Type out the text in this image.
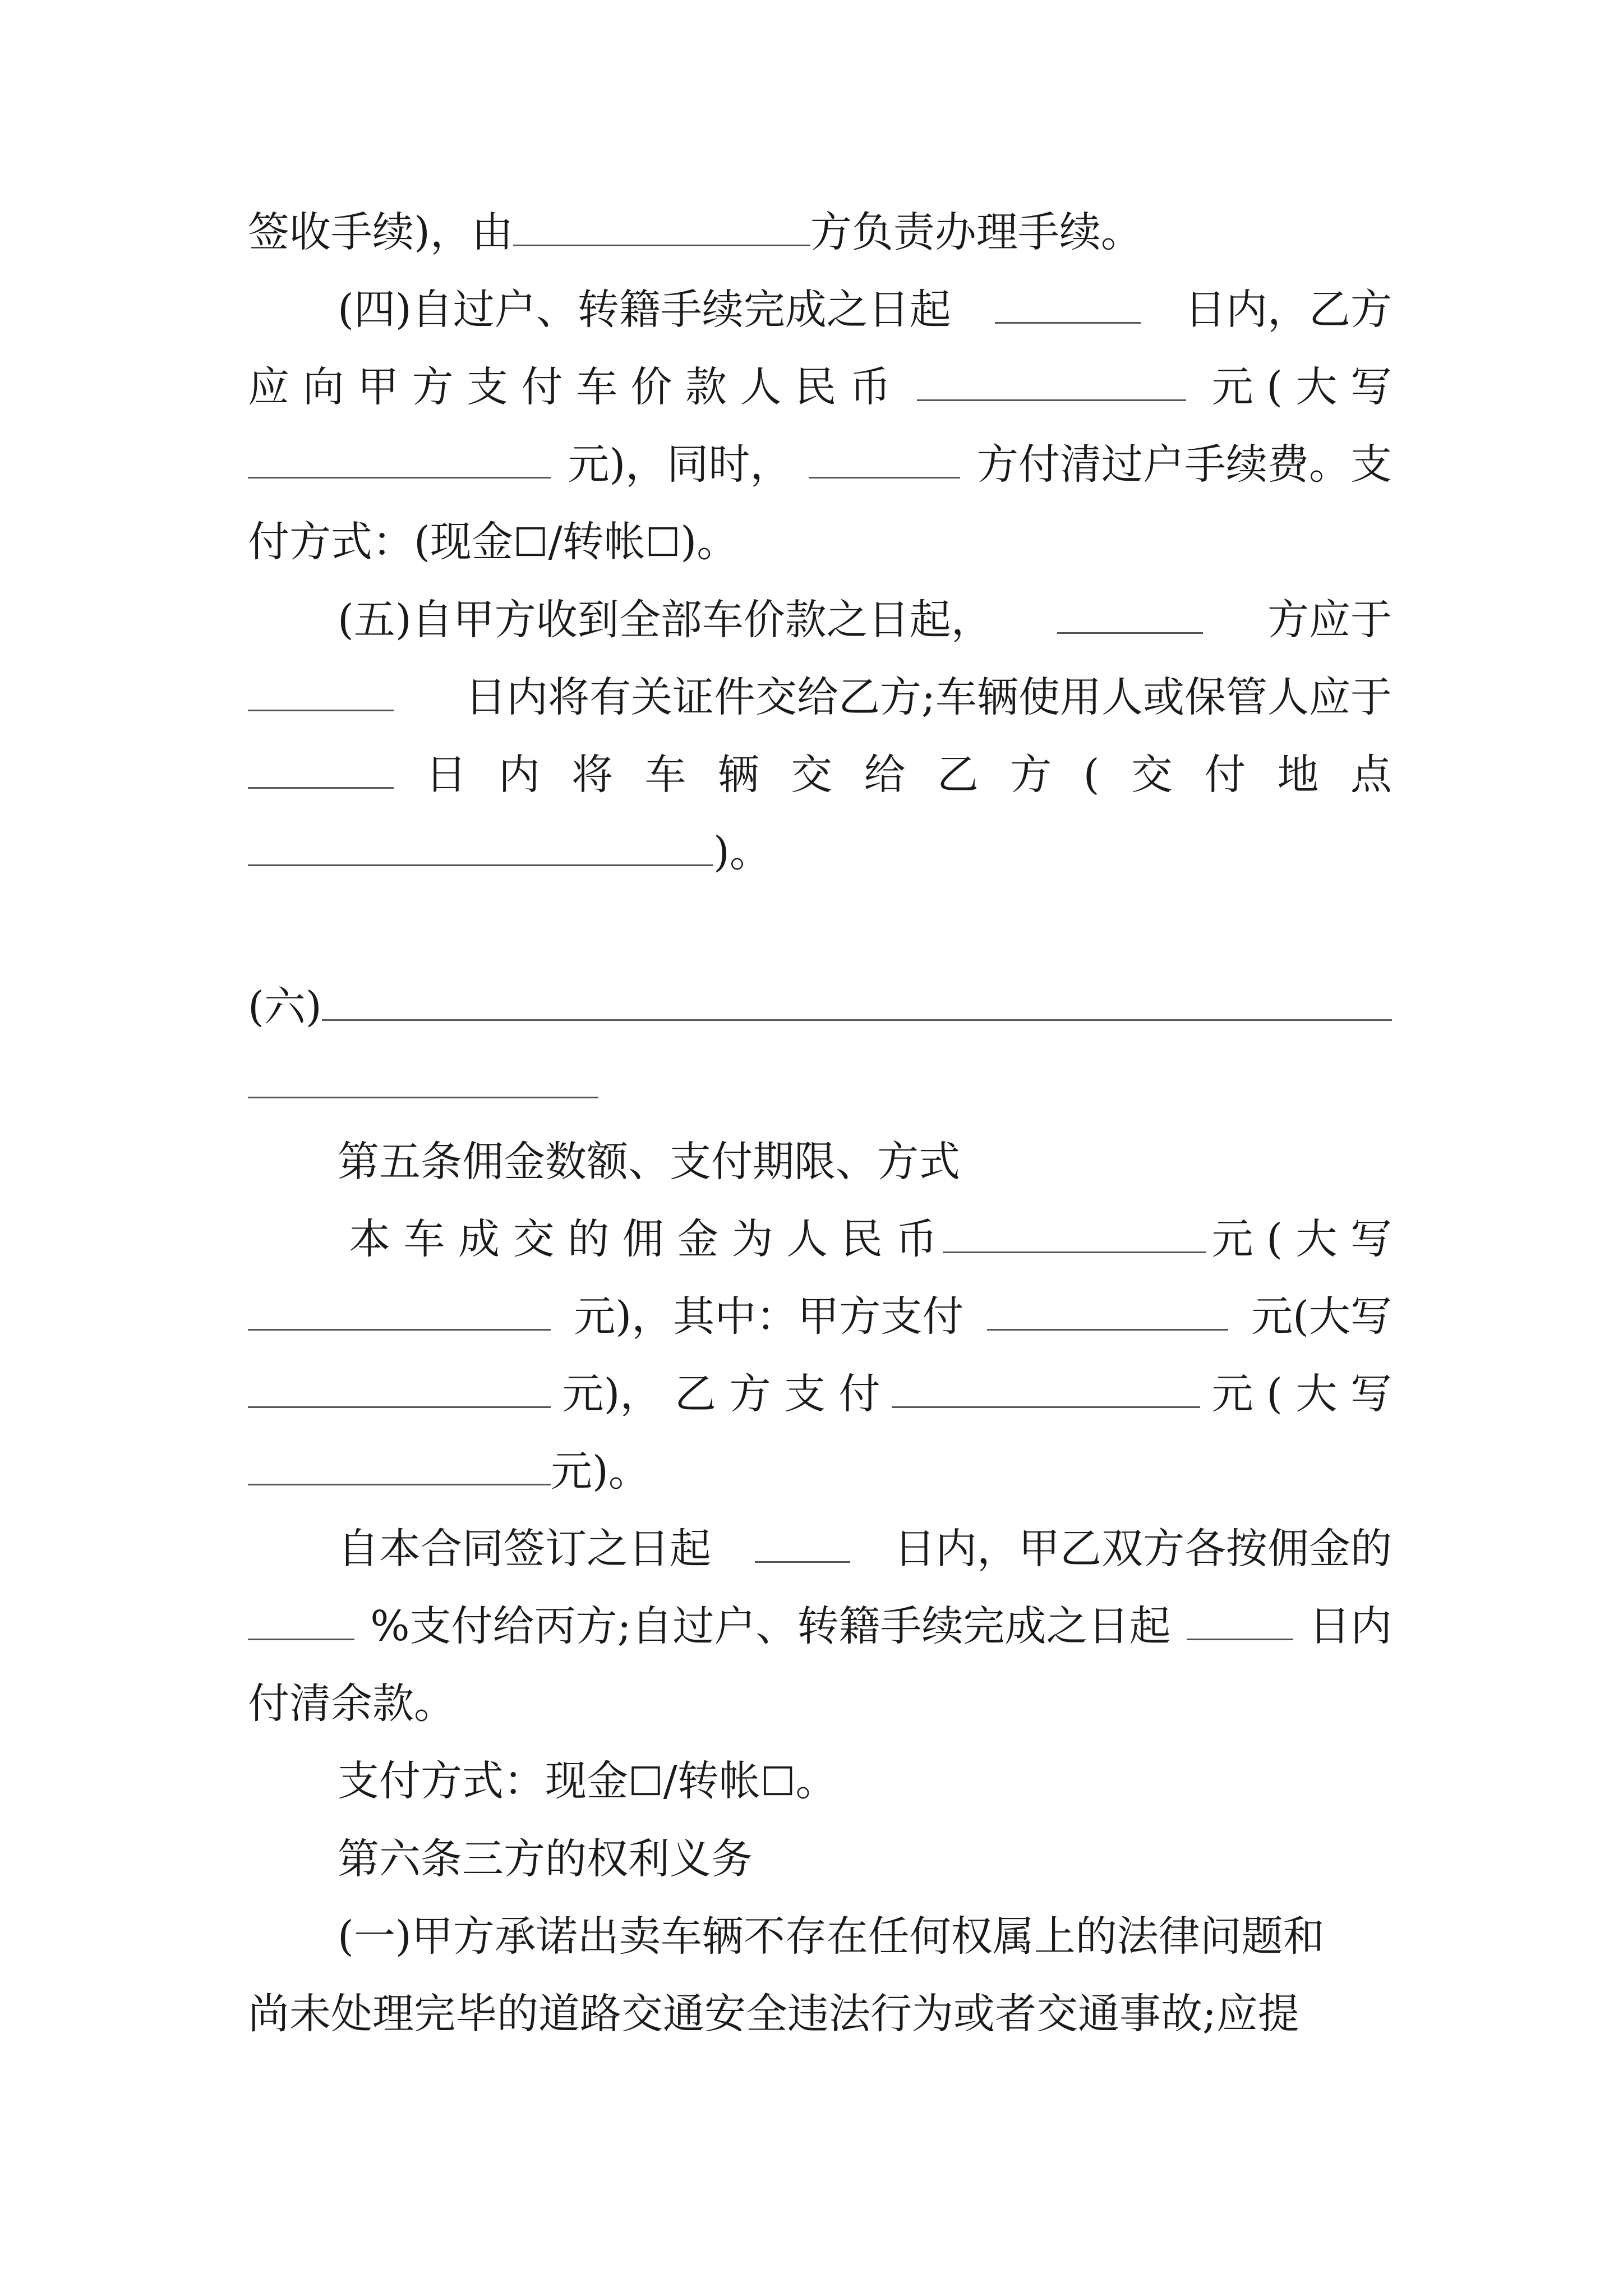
签收手续)，由	方负责办理手续。
(四)自过户、转籍手续完成之日起	日内，乙方
应 向 甲 方 支 付 车 价 款 人 民 币	元 ( 大 写
元)，同时，	方付清过户手续费。支
付方式：(现金☐/转帐☐)。
(五)自甲方收到全部车价款之日起，	方应于
日内将有关证件交给乙方;车辆使用人或保管人应于
日 内 将 车 辆 交 给 乙 方 ( 交 付 地 点
)。
(六)
第五条佣金数额、支付期限、方式
本 车 成 交 的 佣 金 为 人 民 币	元 ( 大 写
元)，其中：甲方支付	元(大写
元)， 乙 方 支 付	元 ( 大 写
元)。
自本合同签订之日起	日内，甲乙双方各按佣金的
%支付给丙方;自过户、转籍手续完成之日起	日内
付清余款。
支付方式：现金☐/转帐☐。
第六条三方的权利义务
(一)甲方承诺出卖车辆不存在任何权属上的法律问题和
尚未处理完毕的道路交通安全违法行为或者交通事故;应提
